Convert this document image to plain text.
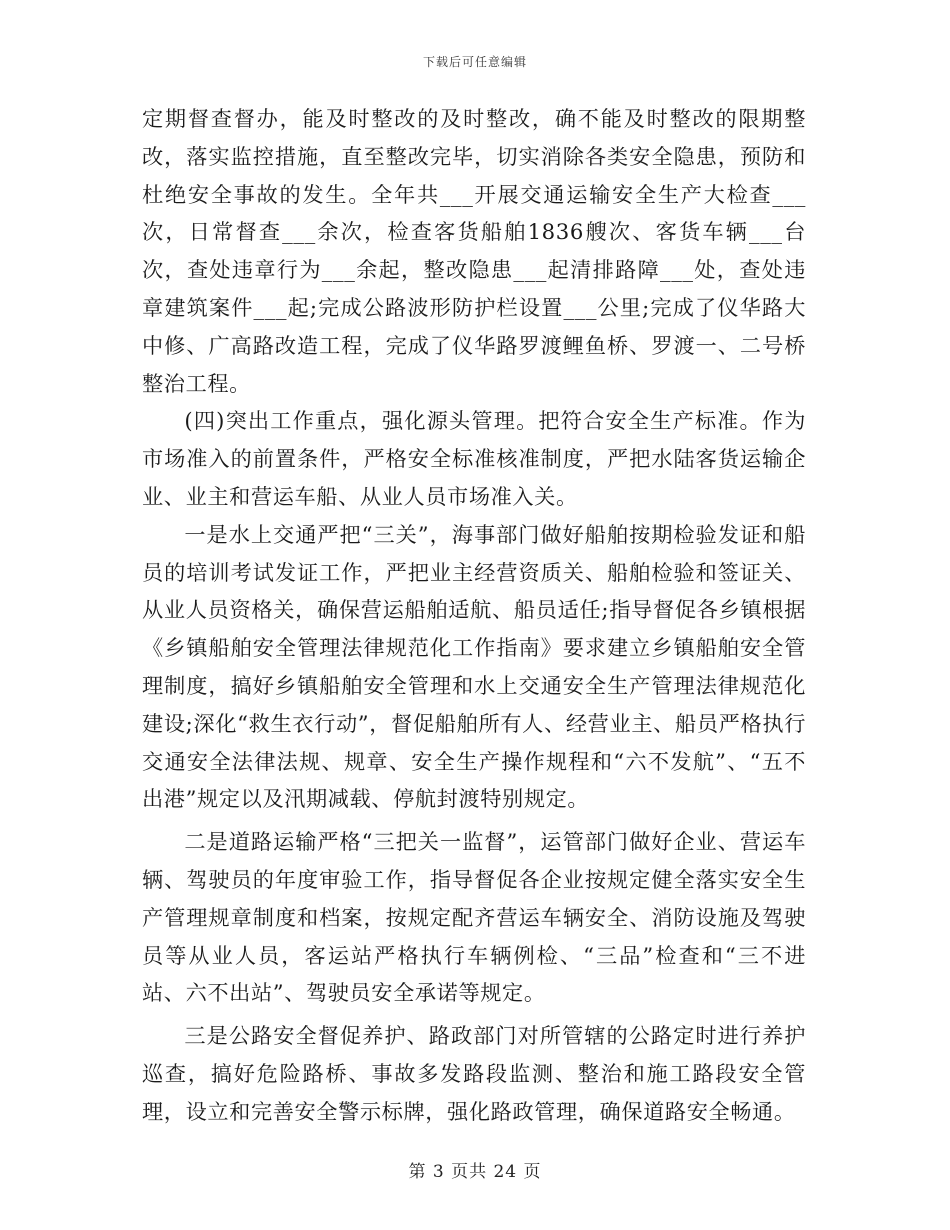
下载后可任意编辑

定期督查督办，能及时整改的及时整改，确不能及时整改的限期整改，落实监控措施，直至整改完毕，切实消除各类安全隐患，预防和杜绝安全事故的发生。全年共___开展交通运输安全生产大检查___次，日常督查___余次，检查客货船舶1836艘次、客货车辆___台次，查处违章行为___余起，整改隐患___起清排路障___处，查处违章建筑案件___起;完成公路波形防护栏设置___公里;完成了仪华路大中修、广高路改造工程，完成了仪华路罗渡鲤鱼桥、罗渡一、二号桥整治工程。

(四)突出工作重点，强化源头管理。把符合安全生产标准。作为市场准入的前置条件，严格安全标准核准制度，严把水陆客货运输企业、业主和营运车船、从业人员市场准入关。

一是水上交通严把“三关”，海事部门做好船舶按期检验发证和船员的培训考试发证工作，严把业主经营资质关、船舶检验和签证关、从业人员资格关，确保营运船舶适航、船员适任;指导督促各乡镇根据《乡镇船舶安全管理法律规范化工作指南》要求建立乡镇船舶安全管理制度，搞好乡镇船舶安全管理和水上交通安全生产管理法律规范化建设;深化“救生衣行动”，督促船舶所有人、经营业主、船员严格执行交通安全法律法规、规章、安全生产操作规程和“六不发航”、“五不出港”规定以及汛期减载、停航封渡特别规定。

二是道路运输严格“三把关一监督”，运管部门做好企业、营运车辆、驾驶员的年度审验工作，指导督促各企业按规定健全落实安全生产管理规章制度和档案，按规定配齐营运车辆安全、消防设施及驾驶员等从业人员，客运站严格执行车辆例检、“三品”检查和“三不进站、六不出站”、驾驶员安全承诺等规定。

三是公路安全督促养护、路政部门对所管辖的公路定时进行养护巡查，搞好危险路桥、事故多发路段监测、整治和施工路段安全管理，设立和完善安全警示标牌，强化路政管理，确保道路安全畅通。

第 3 页共 24 页
